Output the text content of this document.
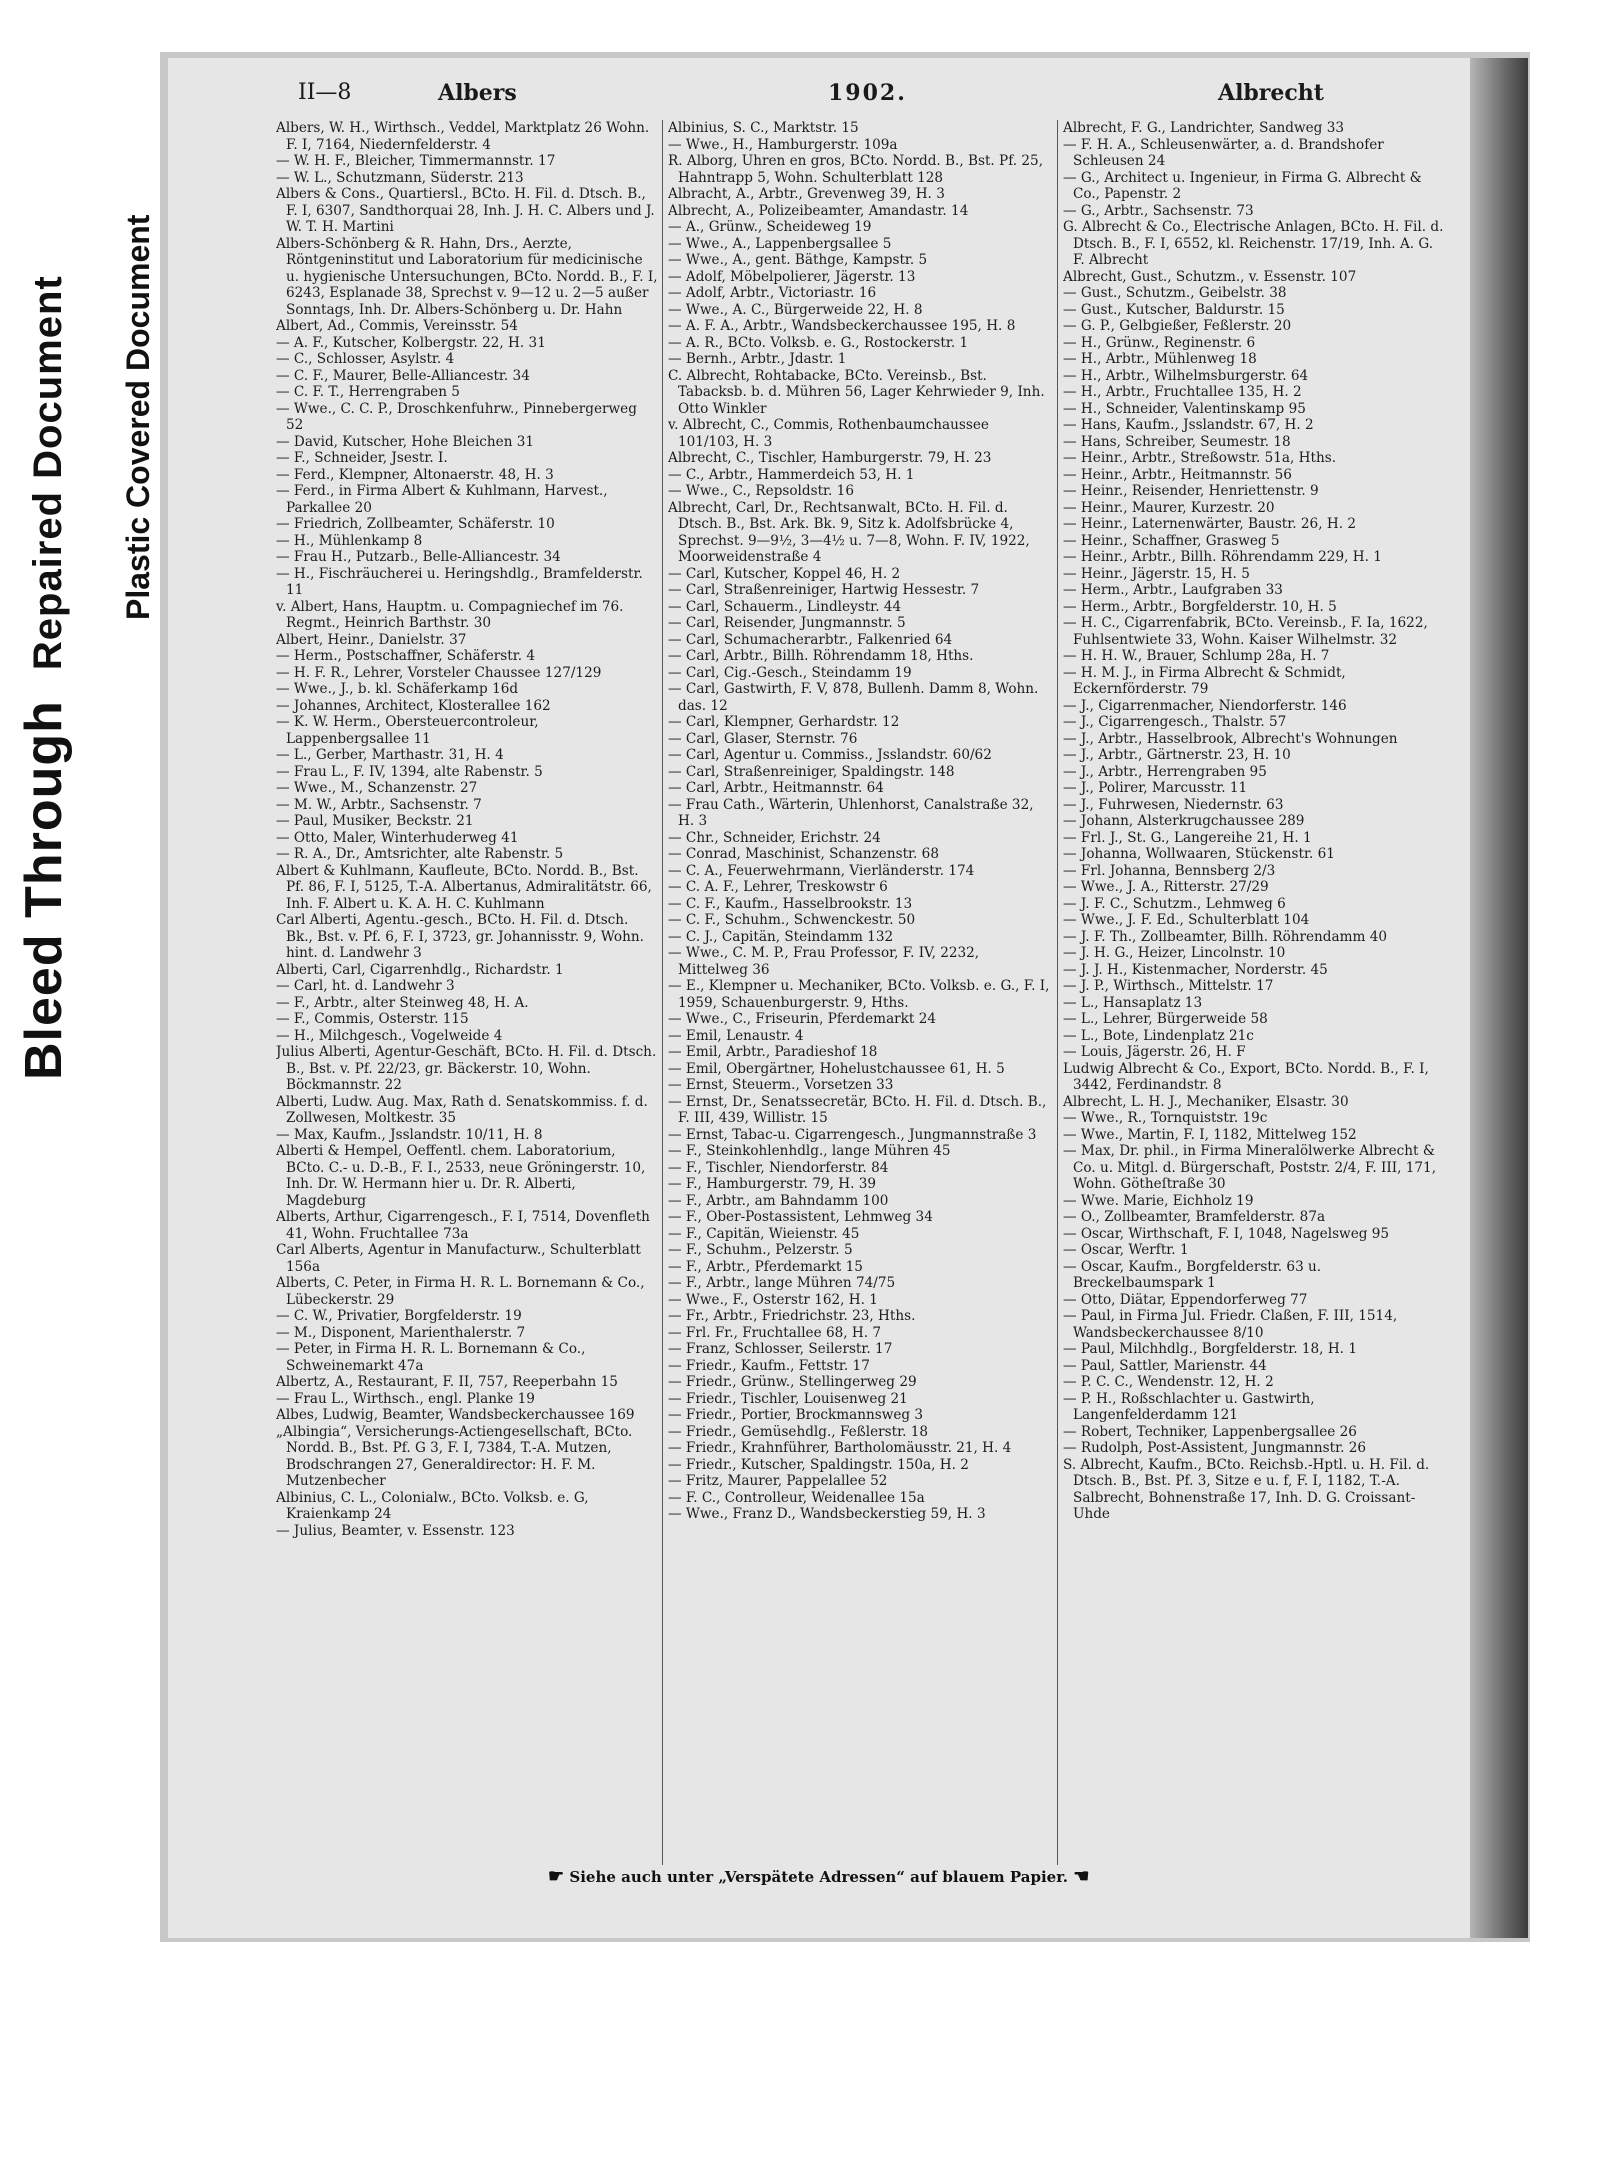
Bleed ThroughRepaired Document Plastic Covered Document
II—8	Albers	1902.	Albrecht

Albers, W. H., Wirthsch., Veddel, Marktplatz 26 Wohn. F. I, 7164, Niedernfelderstr. 4

— W. H. F., Bleicher, Timmermannstr. 17

— W. L., Schutzmann, Süderstr. 213

Albers & Cons., Quartiersl., BCto. H. Fil. d. Dtsch. B., F. I, 6307, Sandthorquai 28, Inh. J. H. C. Albers und J. W. T. H. Martini

Albers-Schönberg & R. Hahn, Drs., Aerzte, Röntgeninstitut und Laboratorium für medicinische u. hygienische Untersuchungen, BCto. Nordd. B., F. I, 6243, Esplanade 38, Sprechst v. 9—12 u. 2—5 außer Sonntags, Inh. Dr. Albers-Schönberg u. Dr. Hahn

Albert, Ad., Commis, Vereinsstr. 54

— A. F., Kutscher, Kolbergstr. 22, H. 31

— C., Schlosser, Asylstr. 4

— C. F., Maurer, Belle-Alliancestr. 34

— C. F. T., Herrengraben 5

— Wwe., C. C. P., Droschkenfuhrw., Pinnebergerweg 52

— David, Kutscher, Hohe Bleichen 31

— F., Schneider, Jsestr. I.

— Ferd., Klempner, Altonaerstr. 48, H. 3

— Ferd., in Firma Albert & Kuhlmann, Harvest., Parkallee 20

— Friedrich, Zollbeamter, Schäferstr. 10

— H., Mühlenkamp 8

— Frau H., Putzarb., Belle-Alliancestr. 34

— H., Fischräucherei u. Heringshdlg., Bramfelderstr. 11

v. Albert, Hans, Hauptm. u. Compagniechef im 76. Regmt., Heinrich Barthstr. 30

Albert, Heinr., Danielstr. 37

— Herm., Postschaffner, Schäferstr. 4

— H. F. R., Lehrer, Vorsteler Chaussee 127/129

— Wwe., J., b. kl. Schäferkamp 16d

— Johannes, Architect, Klosterallee 162

— K. W. Herm., Obersteuercontroleur, Lappenbergsallee 11

— L., Gerber, Marthastr. 31, H. 4

— Frau L., F. IV, 1394, alte Rabenstr. 5

— Wwe., M., Schanzenstr. 27

— M. W., Arbtr., Sachsenstr. 7

— Paul, Musiker, Beckstr. 21

— Otto, Maler, Winterhuderweg 41

— R. A., Dr., Amtsrichter, alte Rabenstr. 5

Albert & Kuhlmann, Kaufleute, BCto. Nordd. B., Bst. Pf. 86, F. I, 5125, T.-A. Albertanus, Admiralitätstr. 66, Inh. F. Albert u. K. A. H. C. Kuhlmann

Carl Alberti, Agentu.-gesch., BCto. H. Fil. d. Dtsch. Bk., Bst. v. Pf. 6, F. I, 3723, gr. Johannisstr. 9, Wohn. hint. d. Landwehr 3

Alberti, Carl, Cigarrenhdlg., Richardstr. 1

— Carl, ht. d. Landwehr 3

— F., Arbtr., alter Steinweg 48, H. A.

— F., Commis, Osterstr. 115

— H., Milchgesch., Vogelweide 4

Julius Alberti, Agentur-Geschäft, BCto. H. Fil. d. Dtsch. B., Bst. v. Pf. 22/23, gr. Bäckerstr. 10, Wohn. Böckmannstr. 22

Alberti, Ludw. Aug. Max, Rath d. Senatskommiss. f. d. Zollwesen, Moltkestr. 35

— Max, Kaufm., Jsslandstr. 10/11, H. 8

Alberti & Hempel, Oeffentl. chem. Laboratorium, BCto. C.- u. D.-B., F. I., 2533, neue Gröningerstr. 10, Inh. Dr. W. Hermann hier u. Dr. R. Alberti, Magdeburg

Alberts, Arthur, Cigarrengesch., F. I, 7514, Dovenfleth 41, Wohn. Fruchtallee 73a

Carl Alberts, Agentur in Manufacturw., Schulterblatt 156a

Alberts, C. Peter, in Firma H. R. L. Bornemann & Co., Lübeckerstr. 29

— C. W., Privatier, Borgfelderstr. 19

— M., Disponent, Marienthalerstr. 7

— Peter, in Firma H. R. L. Bornemann & Co., Schweinemarkt 47a

Albertz, A., Restaurant, F. II, 757, Reeperbahn 15

— Frau L., Wirthsch., engl. Planke 19

Albes, Ludwig, Beamter, Wandsbeckerchaussee 169

„Albingia“, Versicherungs-Actiengesellschaft, BCto. Nordd. B., Bst. Pf. G 3, F. I, 7384, T.-A. Mutzen, Brodschrangen 27, Generaldirector: H. F. M. Mutzenbecher

Albinius, C. L., Colonialw., BCto. Volksb. e. G, Kraienkamp 24

— Julius, Beamter, v. Essenstr. 123

Albinius, S. C., Marktstr. 15

— Wwe., H., Hamburgerstr. 109a

R. Alborg, Uhren en gros, BCto. Nordd. B., Bst. Pf. 25, Hahntrapp 5, Wohn. Schulterblatt 128

Albracht, A., Arbtr., Grevenweg 39, H. 3

Albrecht, A., Polizeibeamter, Amandastr. 14

— A., Grünw., Scheideweg 19

— Wwe., A., Lappenbergsallee 5

— Wwe., A., gent. Bäthge, Kampstr. 5

— Adolf, Möbelpolierer, Jägerstr. 13

— Adolf, Arbtr., Victoriastr. 16

— Wwe., A. C., Bürgerweide 22, H. 8

— A. F. A., Arbtr., Wandsbeckerchaussee 195, H. 8

— A. R., BCto. Volksb. e. G., Rostockerstr. 1

— Bernh., Arbtr., Jdastr. 1

C. Albrecht, Rohtabacke, BCto. Vereinsb., Bst. Tabacksb. b. d. Mühren 56, Lager Kehrwieder 9, Inh. Otto Winkler

v. Albrecht, C., Commis, Rothenbaumchaussee 101/103, H. 3

Albrecht, C., Tischler, Hamburgerstr. 79, H. 23

— C., Arbtr., Hammerdeich 53, H. 1

— Wwe., C., Repsoldstr. 16

Albrecht, Carl, Dr., Rechtsanwalt, BCto. H. Fil. d. Dtsch. B., Bst. Ark. Bk. 9, Sitz k. Adolfsbrücke 4, Sprechst. 9—9½, 3—4½ u. 7—8, Wohn. F. IV, 1922, Moorweidenstraße 4

— Carl, Kutscher, Koppel 46, H. 2

— Carl, Straßenreiniger, Hartwig Hessestr. 7

— Carl, Schauerm., Lindleystr. 44

— Carl, Reisender, Jungmannstr. 5

— Carl, Schumacherarbtr., Falkenried 64

— Carl, Arbtr., Billh. Röhrendamm 18, Hths.

— Carl, Cig.-Gesch., Steindamm 19

— Carl, Gastwirth, F. V, 878, Bullenh. Damm 8, Wohn. das. 12

— Carl, Klempner, Gerhardstr. 12

— Carl, Glaser, Sternstr. 76

— Carl, Agentur u. Commiss., Jsslandstr. 60/62

— Carl, Straßenreiniger, Spaldingstr. 148

— Carl, Arbtr., Heitmannstr. 64

— Frau Cath., Wärterin, Uhlenhorst, Canalstraße 32, H. 3

— Chr., Schneider, Erichstr. 24

— Conrad, Maschinist, Schanzenstr. 68

— C. A., Feuerwehrmann, Vierländerstr. 174

— C. A. F., Lehrer, Treskowstr 6

— C. F., Kaufm., Hasselbrookstr. 13

— C. F., Schuhm., Schwenckestr. 50

— C. J., Capitän, Steindamm 132

— Wwe., C. M. P., Frau Professor, F. IV, 2232, Mittelweg 36

— E., Klempner u. Mechaniker, BCto. Volksb. e. G., F. I, 1959, Schauenburgerstr. 9, Hths.

— Wwe., C., Friseurin, Pferdemarkt 24

— Emil, Lenaustr. 4

— Emil, Arbtr., Paradieshof 18

— Emil, Obergärtner, Hohelustchaussee 61, H. 5

— Ernst, Steuerm., Vorsetzen 33

— Ernst, Dr., Senatssecretär, BCto. H. Fil. d. Dtsch. B., F. III, 439, Willistr. 15

— Ernst, Tabac-u. Cigarrengesch., Jungmannstraße 3

— F., Steinkohlenhdlg., lange Mühren 45

— F., Tischler, Niendorferstr. 84

— F., Hamburgerstr. 79, H. 39

— F., Arbtr., am Bahndamm 100

— F., Ober-Postassistent, Lehmweg 34

— F., Capitän, Wieienstr. 45

— F., Schuhm., Pelzerstr. 5

— F., Arbtr., Pferdemarkt 15

— F., Arbtr., lange Mühren 74/75

— Wwe., F., Osterstr 162, H. 1

— Fr., Arbtr., Friedrichstr. 23, Hths.

— Frl. Fr., Fruchtallee 68, H. 7

— Franz, Schlosser, Seilerstr. 17

— Friedr., Kaufm., Fettstr. 17

— Friedr., Grünw., Stellingerweg 29

— Friedr., Tischler, Louisenweg 21

— Friedr., Portier, Brockmannsweg 3

— Friedr., Gemüsehdlg., Feßlerstr. 18

— Friedr., Krahnführer, Bartholomäusstr. 21, H. 4

— Friedr., Kutscher, Spaldingstr. 150a, H. 2

— Fritz, Maurer, Pappelallee 52

— F. C., Controlleur, Weidenallee 15a

— Wwe., Franz D., Wandsbeckerstieg 59, H. 3

Albrecht, F. G., Landrichter, Sandweg 33

— F. H. A., Schleusenwärter, a. d. Brandshofer Schleusen 24

— G., Architect u. Ingenieur, in Firma G. Albrecht & Co., Papenstr. 2

— G., Arbtr., Sachsenstr. 73

G. Albrecht & Co., Electrische Anlagen, BCto. H. Fil. d. Dtsch. B., F. I, 6552, kl. Reichenstr. 17/19, Inh. A. G. F. Albrecht

Albrecht, Gust., Schutzm., v. Essenstr. 107

— Gust., Schutzm., Geibelstr. 38

— Gust., Kutscher, Baldurstr. 15

— G. P., Gelbgießer, Feßlerstr. 20

— H., Grünw., Reginenstr. 6

— H., Arbtr., Mühlenweg 18

— H., Arbtr., Wilhelmsburgerstr. 64

— H., Arbtr., Fruchtallee 135, H. 2

— H., Schneider, Valentinskamp 95

— Hans, Kaufm., Jsslandstr. 67, H. 2

— Hans, Schreiber, Seumestr. 18

— Heinr., Arbtr., Streßowstr. 51a, Hths.

— Heinr., Arbtr., Heitmannstr. 56

— Heinr., Reisender, Henriettenstr. 9

— Heinr., Maurer, Kurzestr. 20

— Heinr., Laternenwärter, Baustr. 26, H. 2

— Heinr., Schaffner, Grasweg 5

— Heinr., Arbtr., Billh. Röhrendamm 229, H. 1

— Heinr., Jägerstr. 15, H. 5

— Herm., Arbtr., Laufgraben 33

— Herm., Arbtr., Borgfelderstr. 10, H. 5

— H. C., Cigarrenfabrik, BCto. Vereinsb., F. Ia, 1622, Fuhlsentwiete 33, Wohn. Kaiser Wilhelmstr. 32

— H. H. W., Brauer, Schlump 28a, H. 7

— H. M. J., in Firma Albrecht & Schmidt, Eckernförderstr. 79

— J., Cigarrenmacher, Niendorferstr. 146

— J., Cigarrengesch., Thalstr. 57

— J., Arbtr., Hasselbrook, Albrecht's Wohnungen

— J., Arbtr., Gärtnerstr. 23, H. 10

— J., Arbtr., Herrengraben 95

— J., Polirer, Marcusstr. 11

— J., Fuhrwesen, Niedernstr. 63

— Johann, Alsterkrugchaussee 289

— Frl. J., St. G., Langereihe 21, H. 1

— Johanna, Wollwaaren, Stückenstr. 61

— Frl. Johanna, Bennsberg 2/3

— Wwe., J. A., Ritterstr. 27/29

— J. F. C., Schutzm., Lehmweg 6

— Wwe., J. F. Ed., Schulterblatt 104

— J. F. Th., Zollbeamter, Billh. Röhrendamm 40

— J. H. G., Heizer, Lincolnstr. 10

— J. J. H., Kistenmacher, Norderstr. 45

— J. P., Wirthsch., Mittelstr. 17

— L., Hansaplatz 13

— L., Lehrer, Bürgerweide 58

— L., Bote, Lindenplatz 21c

— Louis, Jägerstr. 26, H. F

Ludwig Albrecht & Co., Export, BCto. Nordd. B., F. I, 3442, Ferdinandstr. 8

Albrecht, L. H. J., Mechaniker, Elsastr. 30

— Wwe., R., Tornquiststr. 19c

— Wwe., Martin, F. I, 1182, Mittelweg 152

— Max, Dr. phil., in Firma Mineralölwerke Albrecht & Co. u. Mitgl. d. Bürgerschaft, Poststr. 2/4, F. III, 171, Wohn. Götheſtraße 30

— Wwe. Marie, Eichholz 19

— O., Zollbeamter, Bramfelderstr. 87a

— Oscar, Wirthschaft, F. I, 1048, Nagelsweg 95

— Oscar, Werftr. 1

— Oscar, Kaufm., Borgfelderstr. 63 u. Breckelbaumspark 1

— Otto, Diätar, Eppendorferweg 77

— Paul, in Firma Jul. Friedr. Claßen, F. III, 1514, Wandsbeckerchaussee 8/10

— Paul, Milchhdlg., Borgfelderstr. 18, H. 1

— Paul, Sattler, Marienstr. 44

— P. C. C., Wendenstr. 12, H. 2

— P. H., Roßschlachter u. Gastwirth, Langenfelderdamm 121

— Robert, Techniker, Lappenbergsallee 26

— Rudolph, Post-Assistent, Jungmannstr. 26

S. Albrecht, Kaufm., BCto. Reichsb.-Hptl. u. H. Fil. d. Dtsch. B., Bst. Pf. 3, Sitze e u. f, F. I, 1182, T.-A. Salbrecht, Bohnenstraße 17, Inh. D. G. Croissant-Uhde

☛ Siehe auch unter „Verspätete Adressen“ auf blauem Papier. ☚
